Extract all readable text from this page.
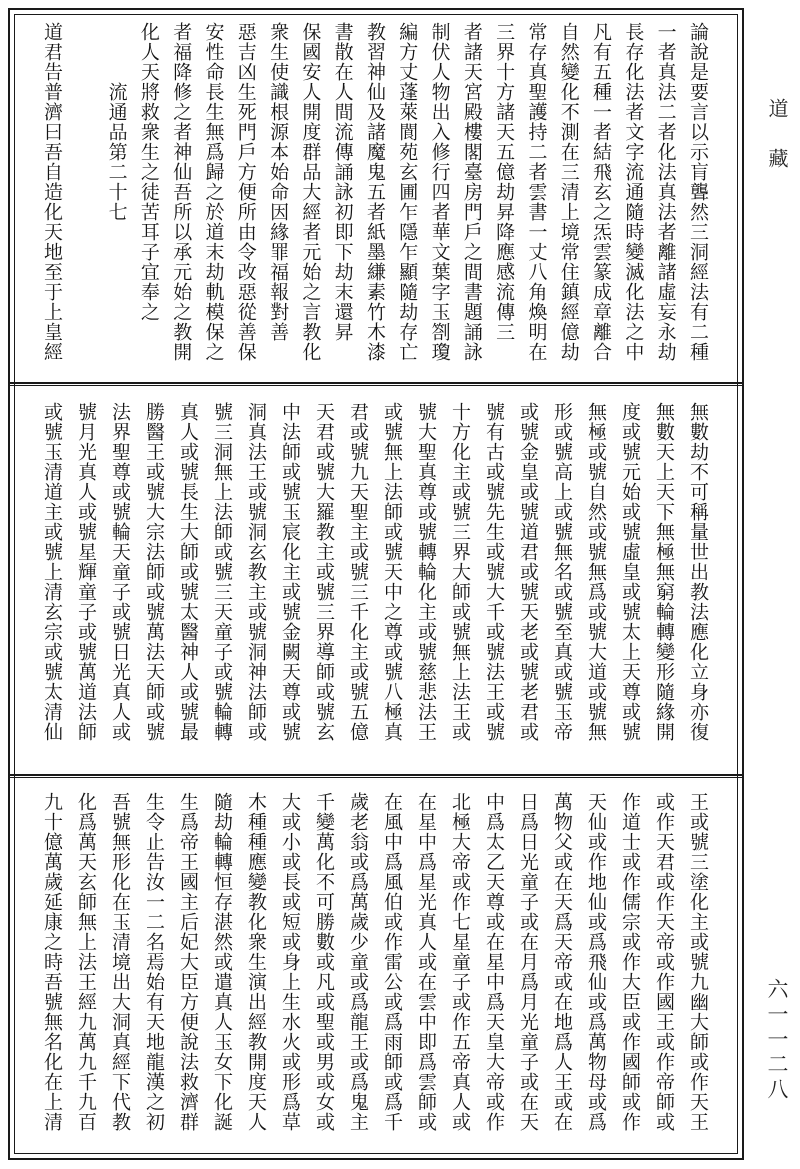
論說是要言以示肓聾然三洞經法有二種
一者真法二者化法真法者離諸虛妄永劫
長存化法者文字流通隨時變滅化法之中
凡有五種一者結飛玄之炁雲篆成章離合
自然變化不測在三清上境常住鎮經億劫
常存真聖護持二者雲書一丈八角煥明在
三界十方諸天五億劫昇降應感流傳三
者諸天宮殿樓閣臺房門戶之間書題誦詠
制伏人物出入修行四者華文葉字玉劄瓊
編方丈蓬萊閬苑玄圃乍隱乍顯隨劫存亡
教習神仙及諸魔鬼五者紙墨縑素竹木漆
書散在人間流傳誦詠初即下劫末還昇
保國安人開度群品大經者元始之言教化
衆生使識根源本始命因緣罪福報對善
惡吉凶生死門戶方便所由令改惡從善保
安性命長生無爲歸之於道末劫軌模保之
者福降修之者神仙吾所以承元始之教開
化人天將救衆生之徒苦耳子宜奉之
流通品第二十七
道君告普濟曰吾自造化天地至于上皇經
無數劫不可稱量世出教法應化立身亦復
無數天上天下無極無窮輪轉變形隨緣開
度或號元始或號虛皇或號太上天尊或號
無極或號自然或號無爲或號大道或號無
形或號高上或號無名或號至真或號玉帝
或號金皇或號道君或號天老或號老君或
號有古或號先生或號大千或號法王或號
十方化主或號三界大師或號無上法王或
號大聖真尊或號轉輪化主或號慈悲法王
或號無上法師或號天中之尊或號八極真
君或號九天聖主或號三千化主或號五億
天君或號大羅教主或號三界導師或號玄
中法師或號玉宸化主或號金闕天尊或號
洞真法王或號洞玄教主或號洞神法師或
號三洞無上法師或號三天童子或號輪轉
真人或號長生大師或號太醫神人或號最
勝醫王或號大宗法師或號萬法天師或號
法界聖尊或號輪天童子或號日光真人或
號月光真人或號星輝童子或號萬道法師
或號玉清道主或號上清玄宗或號太清仙
王或號三塗化主或號九幽大師或作天王
或作天君或作天帝或作國王或作帝師或
作道士或作儒宗或作大臣或作國師或作
天仙或作地仙或爲飛仙或爲萬物母或爲
萬物父或在天爲天帝或在地爲人王或在
日爲日光童子或在月爲月光童子或在天
中爲太乙天尊或在星中爲天皇大帝或作
北極大帝或作七星童子或作五帝真人或
在星中爲星光真人或在雲中即爲雲師或
在風中爲風伯或作雷公或爲雨師或爲千
歲老翁或爲萬歲少童或爲龍王或爲鬼主
千變萬化不可勝數或凡或聖或男或女或
大或小或長或短或身上生水火或形爲草
木種種應變教化衆生演出經教開度天人
隨劫輪轉恒存湛然或遣真人玉女下化誕
生爲帝王國主后妃大臣方便說法救濟群
生令止告汝一二名焉始有天地龍漢之初
吾號無形化在玉清境出大洞真經下代教
化爲萬天玄師無上法王經九萬九千九百
九十億萬歲延康之時吾號無名化在上清
道藏
六一一二八
